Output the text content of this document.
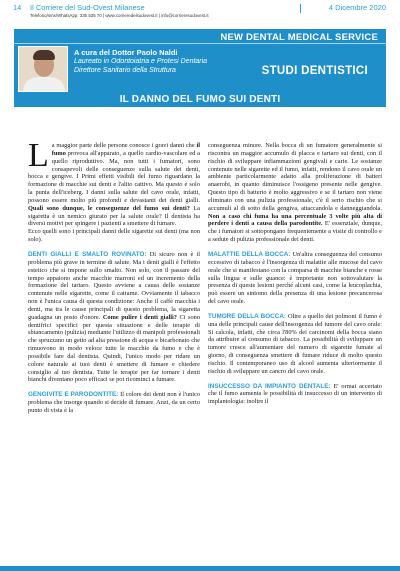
14 Il Corriere del Sud-Ovest Milanese	4 Dicembre 2020
Telefono/sms/WhatsApp: 335 535 70 | www.corrieredelsudovest.it | info@corrieresudovest.it
NEW DENTAL MEDICAL SERVICE
A cura del Dottor Paolo Naldi
Laureato in Odontoiatria e Protesi Dentaria
Direttore Sanitario della Struttura	STUDI DENTISTICI
IL DANNO DEL FUMO SUI DENTI

La maggior parte delle persone conosce i gravi danni che il fumo provoca all'apparato, a quello cardio-vascolare ed a quello riproduttivo. Ma, non tutti i fumatori, sono consapevoli delle conseguenze sulla salute dei denti, bocca e gengive. I Primi effetti visibili del fumo riguardano la formazione di macchie sui denti e l'alito cattivo. Ma questo è solo la punta dell'iceberg. I danni sulla salute del cavo orale, infatti, possono essere molto più profondi e devastanti dei denti gialli. Quali sono dunque, le conseguenze del fumo sui denti? La sigaretta è un nemico giurato per la salute orale? Il dentista ha diversi motivi per spingere i pazienti a smettere di fumare.
Ecco quelli sono i principali danni delle sigarette sui denti (ma non solo).

DENTI GIALLI E SMALTO ROVINATO: Di sicuro non è il problema più grave in termine di salute. Ma i denti gialli è l'effetto estetico che si impone sullo smalto. Non solo, con il passare del tempo appaiono anche macchie marroni ed un incremento della formazione del tartaro. Questo avviene a causa delle sostanze contenute nelle sigarette, come il catrame. Ovviamente il tabacco non è l'unica causa di questa condizione: Anche il caffè macchia i denti, ma tra le cause principali di questo problema, la sigaretta guadagna un posto d'onore. Come pulire i denti gialli? Ci sono dentifrici specifici per questa situazione e delle terapie di sbiancamento (pulizia) mediante l'utilizzo di manipoli professionali che spruzzano un getto ad alta pressione di acqua e bicarbonato che rimuovono in modo veloce tutte le macchie da fumo e che è possibile fare dal dentista. Quindi, l'unico modo per ridare un colore naturale ai tuoi denti è smettere di fumare e chiedere consiglio al tuo dentista. Tutte le terapie per far tornare i denti bianchi diventano poco efficaci se poi ricominci a fumare.

GENGIVITE E PARODONTITE: Il colore dei denti non è l'unico problema che insorge quando si decide di fumare. Anzi, da un certo punto di vista è la

conseguenza minore. Nella bocca di un fumatore generalmente si riscontra un maggior accumulo di placca e tartaro sui denti, con il rischio di sviluppare infiammazioni gengivali e carie. Le sostanze contenute nelle sigarette ed il fumo, infatti, rendono il cavo orale un ambiente particolarmente adatto alla proliferazione di batteri anaerobi, in quanto diminuisce l'ossigeno presente nelle gengive. Questo tipo di batterio è molto aggressivo e se il tartaro non viene eliminato con una pulizia professionale, c'è il serio rischio che si accumuli al di sotto della gengiva, attaccandola e danneggiandola. Non a caso chi fuma ha una percentuale 3 volte più alta di perdere i denti a causa della parodontite. E' essenziale, dunque, che i fumatori si sottopongano frequentemente a visite di controllo e a sedute di pulizia professionale dei denti.

MALATTIE DELLA BOCCA: Un'altra conseguenza del consumo eccessivo di tabacco è l'insorgenza di malattie alle mucose del cavo orale che si manifestano con la comparsa di macchie bianche e rosse sulla lingua e sulle guance: è importante non sottovalutare la presenza di queste lesioni perché alcuni casi, come la leucoplachia, può essere un sintomo della presenza di una lesione precancerosa del cavo orale.

TUMORE DELLA BOCCA: Oltre a quello dei polmoni il fumo è una delle principali cause dell'insorgenza del tumore del cavo orale: Si calcola, infatti, che circa l'80% dei carcinomi della bocca siano da attribuire al consumo di tabacco. La possibilità di sviluppare un tumore cresce all'aumentare del numero di sigarette fumate al giorno, di conseguenza smettere di fumare riduce di molto questo rischio. Il contemporaneo uso di alcool aumenta ulteriormente il rischio di sviluppare un cancro del cavo orale.

INSUCCESSO DA IMPIANTO DENTALE: E' ormai accertato che il fumo aumenta le possibilità di insuccesso di un intervento di implantologia: inoltre il
